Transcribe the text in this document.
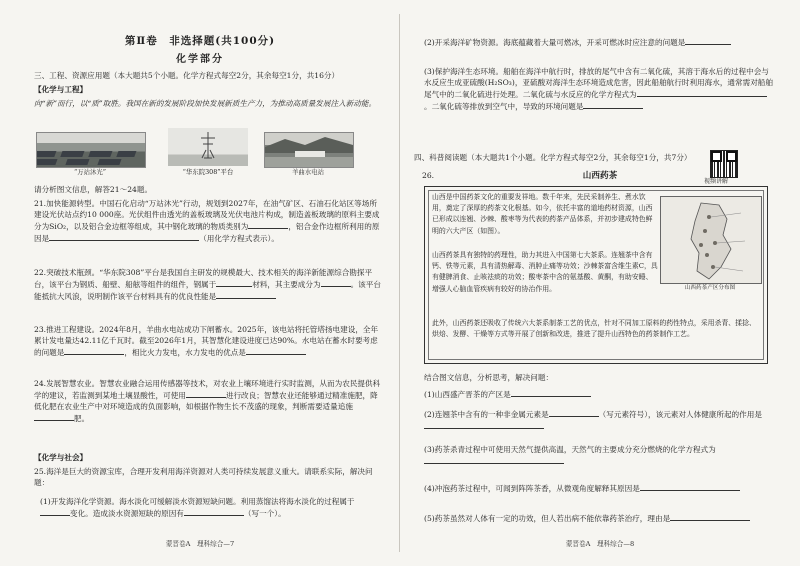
第Ⅱ卷　非选择题(共100分)
化学部分
三、工程、资源应用题（本大题共5个小题。化学方程式每空2分，其余每空1分，共16分）
【化学与工程】
向“新”而行，以“质”取胜。我国在新的发展阶段加快发展新质生产力，为推动高质量发展注入新动能。
“万站沐光”	“华东院308”平台	羊曲水电站
请分析图文信息，解答21～24题。
21.加快能源转型。中国石化启动“万站沐光”行动，规划到2027年，在油气矿区、石油石化站区等场所建设光伏站点约10 000座。光伏组件由透光的盖板玻璃及光伏电池片构成，制造盖板玻璃的原料主要成分为SiO₂，以及铝合金边框等组成，其中钢化玻璃的物质类别为	，铝合金作边框所利用的原因是	（用化学方程式表示）。
22.突破技术瓶颈。“华东院308”平台是我国自主研发的规模最大、技术相关的海洋新能源综合勘探平台，该平台为钢质、船壁、船舷等组件的组件，钢属于	材料，其主要成分为	。该平台能抵抗大风浪，说明制作该平台材料具有的优良性能是
23.推进工程建设。2024年8月，羊曲水电站成功下闸蓄水。2025年，该电站将托管塔扬电建设，全年累计发电量达42.11亿千瓦时。截至2026年1月，其智慧化建设进度已达90%。水电站在蓄水时要考虑的问题是	，相比火力发电，水力发电的优点是
24.发展智慧农业。智慧农业融合运用传感器等技术，对农业上壤环境进行实时监测，从而为农民提供科学的建议，若监测到某地土壤显酸性，可使用	进行改良；智慧农业还能够通过精准施肥，降低化肥在农业生产中对环境造成的负面影响，如根据作物生长不茂盛的现象，判断需要适量追施肥。
【化学与社会】
25.海洋是巨大的资源宝库，合理开发利用海洋资源对人类可持续发展意义重大。请联系实际，解决问题：
(1)开发海洋化学资源。海水淡化可缓解淡水资源短缺问题。利用蒸馏法将海水淡化的过程属于变化。造成淡水资源短缺的原因有	（写一个）。
蒙晋卷A　理科综合—7
(2)开采海洋矿物资源。海底蕴藏着大量可燃冰，开采可燃冰时应注意的问题是
(3)保护海洋生态环境。船舶在海洋中航行时，排放的尾气中含有二氧化硫，其溶于海水后的过程中会与水反应生成亚硫酸(H₂SO₃)，亚硫酸对海洋生态环境造成危害，因此船舶航行时利用海水，通常需对船舶尾气中的二氧化硫进行处理。二氧化硫与水反应的化学方程式为。二氧化硫等排放到空气中，导致的环境问题是
四、科普阅读题（本大题共1个小题。化学方程式每空2分，其余每空1分，共7分）
视频讲解
26.	山西药茶
山西是中国药茶文化的重要发祥地。数千年来，先民采制养生、煮水饮用，奠定了深厚的药茶文化根基。如今，依托丰富的道地药材资源，山西已形成以连翘、沙棘、酸枣等为代表的药茶产品体系，并初步建成特色鲜明的六大产区（如图）。
山西药茶产区分布图
山西药茶具有独特的药理性，助力其进入中国第七大茶系。连翘茶中含有钙、铁等元素，具有清热解毒、消肿止痛等功效；沙棘茶富含维生素C，具有健脾消食、止咳祛痰的功效；酸枣茶中含的氨基酸、黄酮，有助安睡、增强人心脑血管疾病有较好的协治作用。
此外，山西药茶还吸收了传统六大茶系制茶工艺的优点，针对不同加工原料的药性特点，采用杀青、揉捻、烘焙、发酵、干燥等方式等开展了创新和改进，推进了提升山西特色的药茶制作工艺。
结合图文信息，分析思考，解决问题：
(1)山西盛产晋茶的产区是
(2)连翘茶中含有的一种非金属元素是	（写元素符号），该元素对人体健康所起的作用是
(3)药茶杀青过程中可使用天然气提供高温，天然气的主要成分充分燃烧的化学方程式为
(4)冲泡药茶过程中，可闻到阵阵茶香，从微观角度解释其原因是
(5)药茶虽然对人体有一定的功效，但人若出病不能依靠药茶治疗，理由是
蒙晋卷A　理科综合—8
